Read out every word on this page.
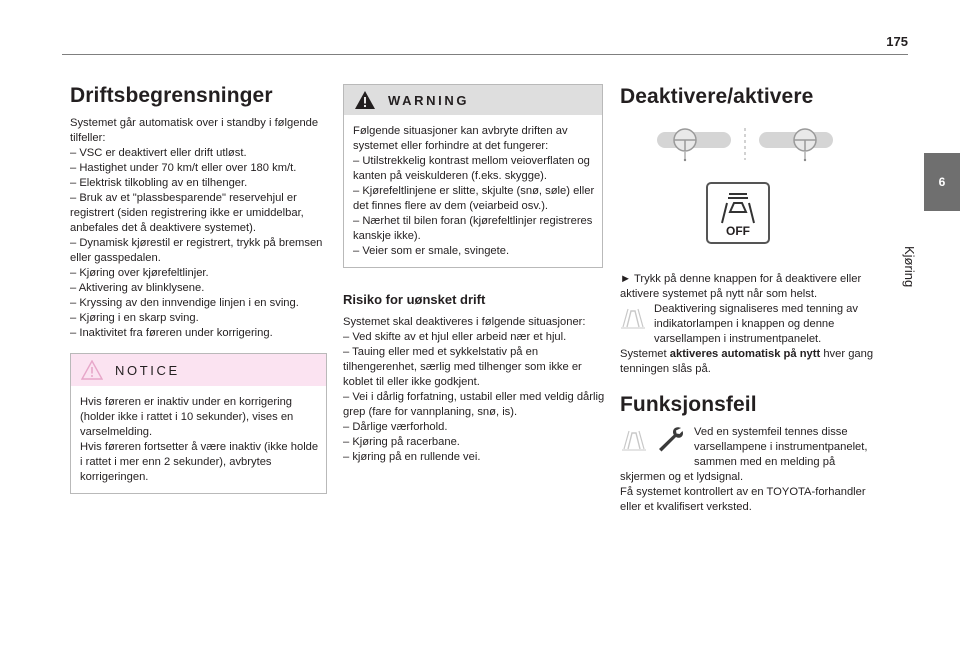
175
6
Kjøring
Driftsbegrensninger

Systemet går automatisk over i standby i følgende tilfeller:

– VSC er deaktivert eller drift utløst.

– Hastighet under 70 km/t eller over 180 km/t.

– Elektrisk tilkobling av en tilhenger.

– Bruk av et "plassbesparende" reservehjul er registrert (siden registrering ikke er umiddelbar, anbefales det å deaktivere systemet).

– Dynamisk kjørestil er registrert, trykk på bremsen eller gasspedalen.

– Kjøring over kjørefeltlinjer.

– Aktivering av blinklysene.

– Kryssing av den innvendige linjen i en sving.

– Kjøring i en skarp sving.

– Inaktivitet fra føreren under korrigering.

NOTICE

Hvis føreren er inaktiv under en korrigering (holder ikke i rattet i 10 sekunder), vises en varselmelding.

Hvis føreren fortsetter å være inaktiv (ikke holde i rattet i mer enn 2 sekunder), avbrytes korrigeringen.

WARNING

Følgende situasjoner kan avbryte driften av systemet eller forhindre at det fungerer:

– Utilstrekkelig kontrast mellom veioverflaten og kanten på veiskulderen (f.eks. skygge).

– Kjørefeltlinjene er slitte, skjulte (snø, søle) eller det finnes flere av dem (veiarbeid osv.).

– Nærhet til bilen foran (kjørefeltlinjer registreres kanskje ikke).

– Veier som er smale, svingete.

Risiko for uønsket drift

Systemet skal deaktiveres i følgende situasjoner:

– Ved skifte av et hjul eller arbeid nær et hjul.

– Tauing eller med et sykkelstativ på en tilhengerenhet, særlig med tilhenger som ikke er koblet til eller ikke godkjent.

– Vei i dårlig forfatning, ustabil eller med veldig dårlig grep (fare for vannplaning, snø, is).

– Dårlige værforhold.

– Kjøring på racerbane.

– kjøring på en rullende vei.

Deaktivere/aktivere
OFF

► Trykk på denne knappen for å deaktivere eller aktivere systemet på nytt når som helst.

Deaktivering signaliseres med tenning av indikatorlampen i knappen og denne varsellampen i instrumentpanelet.

Systemet aktiveres automatisk på nytt hver gang tenningen slås på.

Funksjonsfeil

Ved en systemfeil tennes disse varsellampene i instrumentpanelet, sammen med en melding på skjermen og et lydsignal.

Få systemet kontrollert av en TOYOTA-forhandler eller et kvalifisert verksted.
